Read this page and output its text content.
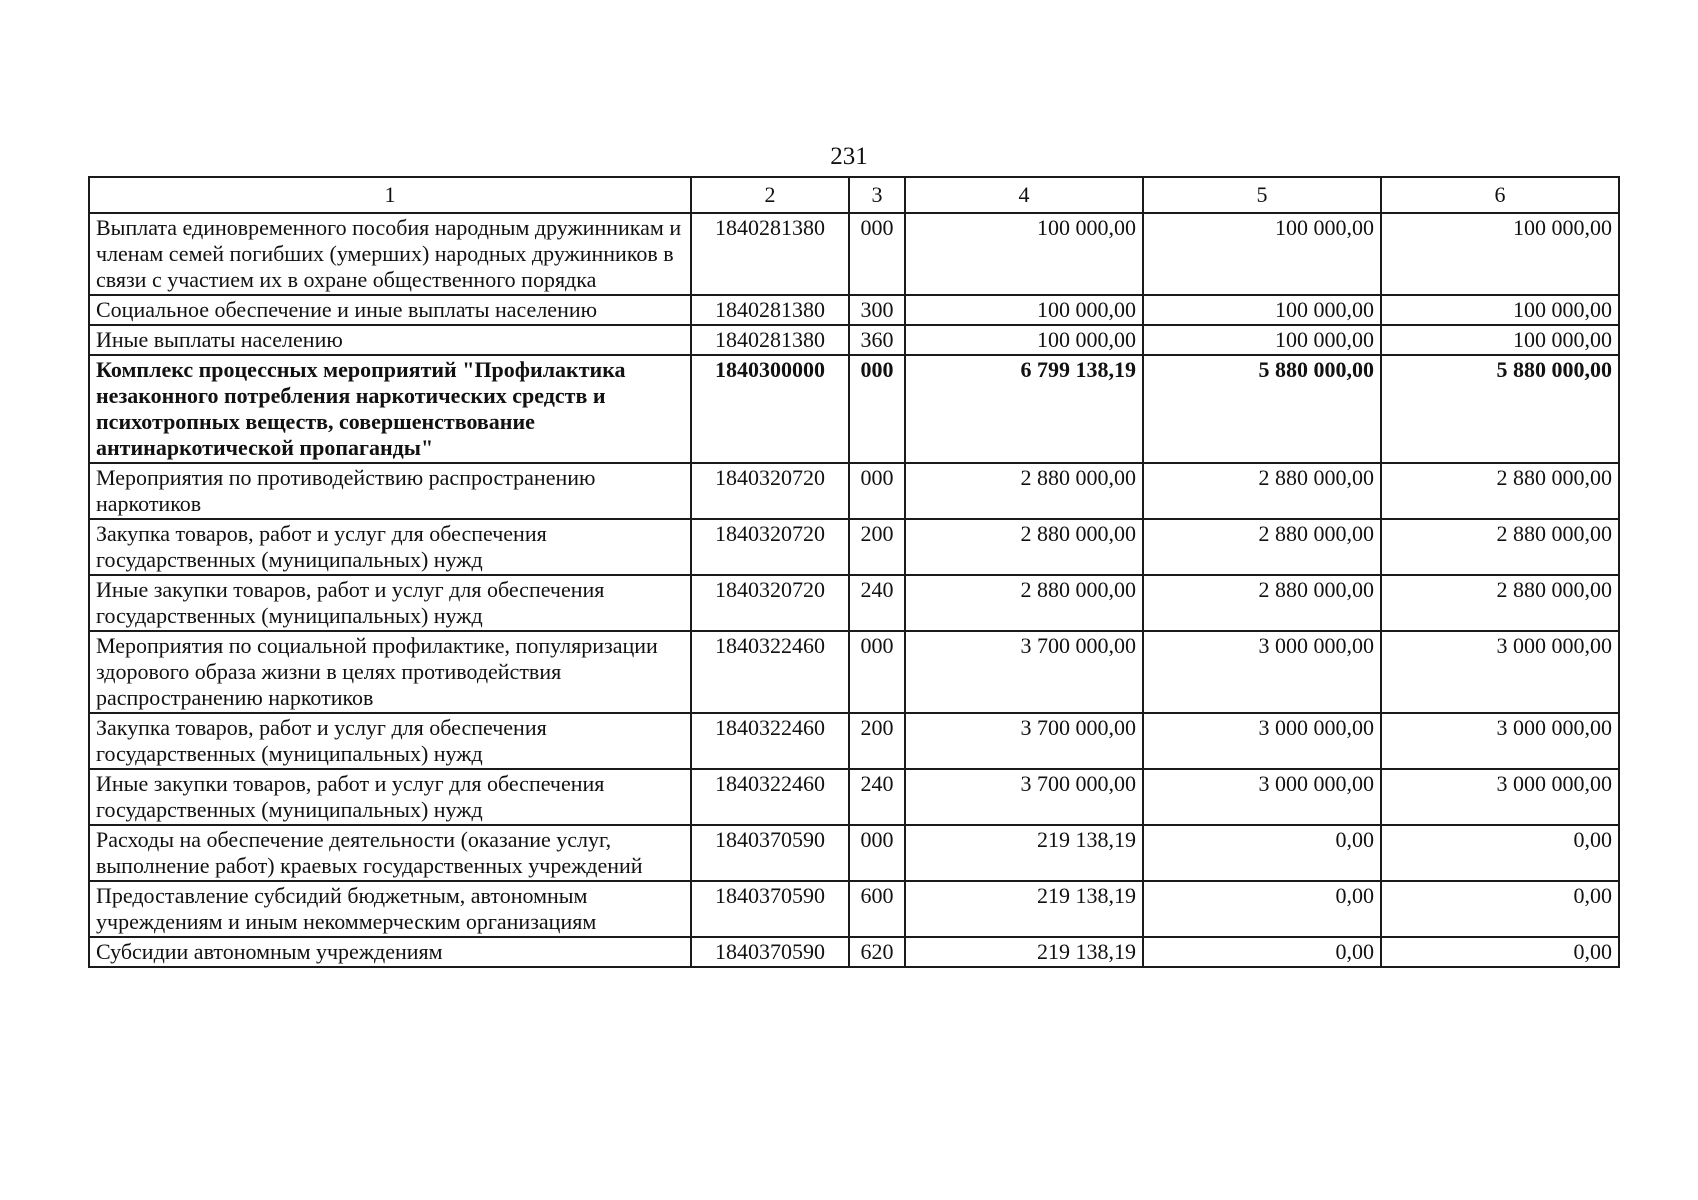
231
1	2	3	4	5	6
Выплата единовременного пособия народным дружинникам и членам семей погибших (умерших) народных дружинников в связи с участием их в охране общественного порядка	1840281380	000	100 000,00	100 000,00	100 000,00
Социальное обеспечение и иные выплаты населению	1840281380	300	100 000,00	100 000,00	100 000,00
Иные выплаты населению	1840281380	360	100 000,00	100 000,00	100 000,00
Комплекс процессных мероприятий "Профилактика незаконного потребления наркотических средств и психотропных веществ, совершенствование антинаркотической пропаганды"	1840300000	000	6 799 138,19	5 880 000,00	5 880 000,00
Мероприятия по противодействию распространению наркотиков	1840320720	000	2 880 000,00	2 880 000,00	2 880 000,00
Закупка товаров, работ и услуг для обеспечения государственных (муниципальных) нужд	1840320720	200	2 880 000,00	2 880 000,00	2 880 000,00
Иные закупки товаров, работ и услуг для обеспечения государственных (муниципальных) нужд	1840320720	240	2 880 000,00	2 880 000,00	2 880 000,00
Мероприятия по социальной профилактике, популяризации здорового образа жизни в целях противодействия распространению наркотиков	1840322460	000	3 700 000,00	3 000 000,00	3 000 000,00
Закупка товаров, работ и услуг для обеспечения государственных (муниципальных) нужд	1840322460	200	3 700 000,00	3 000 000,00	3 000 000,00
Иные закупки товаров, работ и услуг для обеспечения государственных (муниципальных) нужд	1840322460	240	3 700 000,00	3 000 000,00	3 000 000,00
Расходы на обеспечение деятельности (оказание услуг, выполнение работ) краевых государственных учреждений	1840370590	000	219 138,19	0,00	0,00
Предоставление субсидий бюджетным, автономным учреждениям и иным некоммерческим организациям	1840370590	600	219 138,19	0,00	0,00
Субсидии автономным учреждениям	1840370590	620	219 138,19	0,00	0,00
